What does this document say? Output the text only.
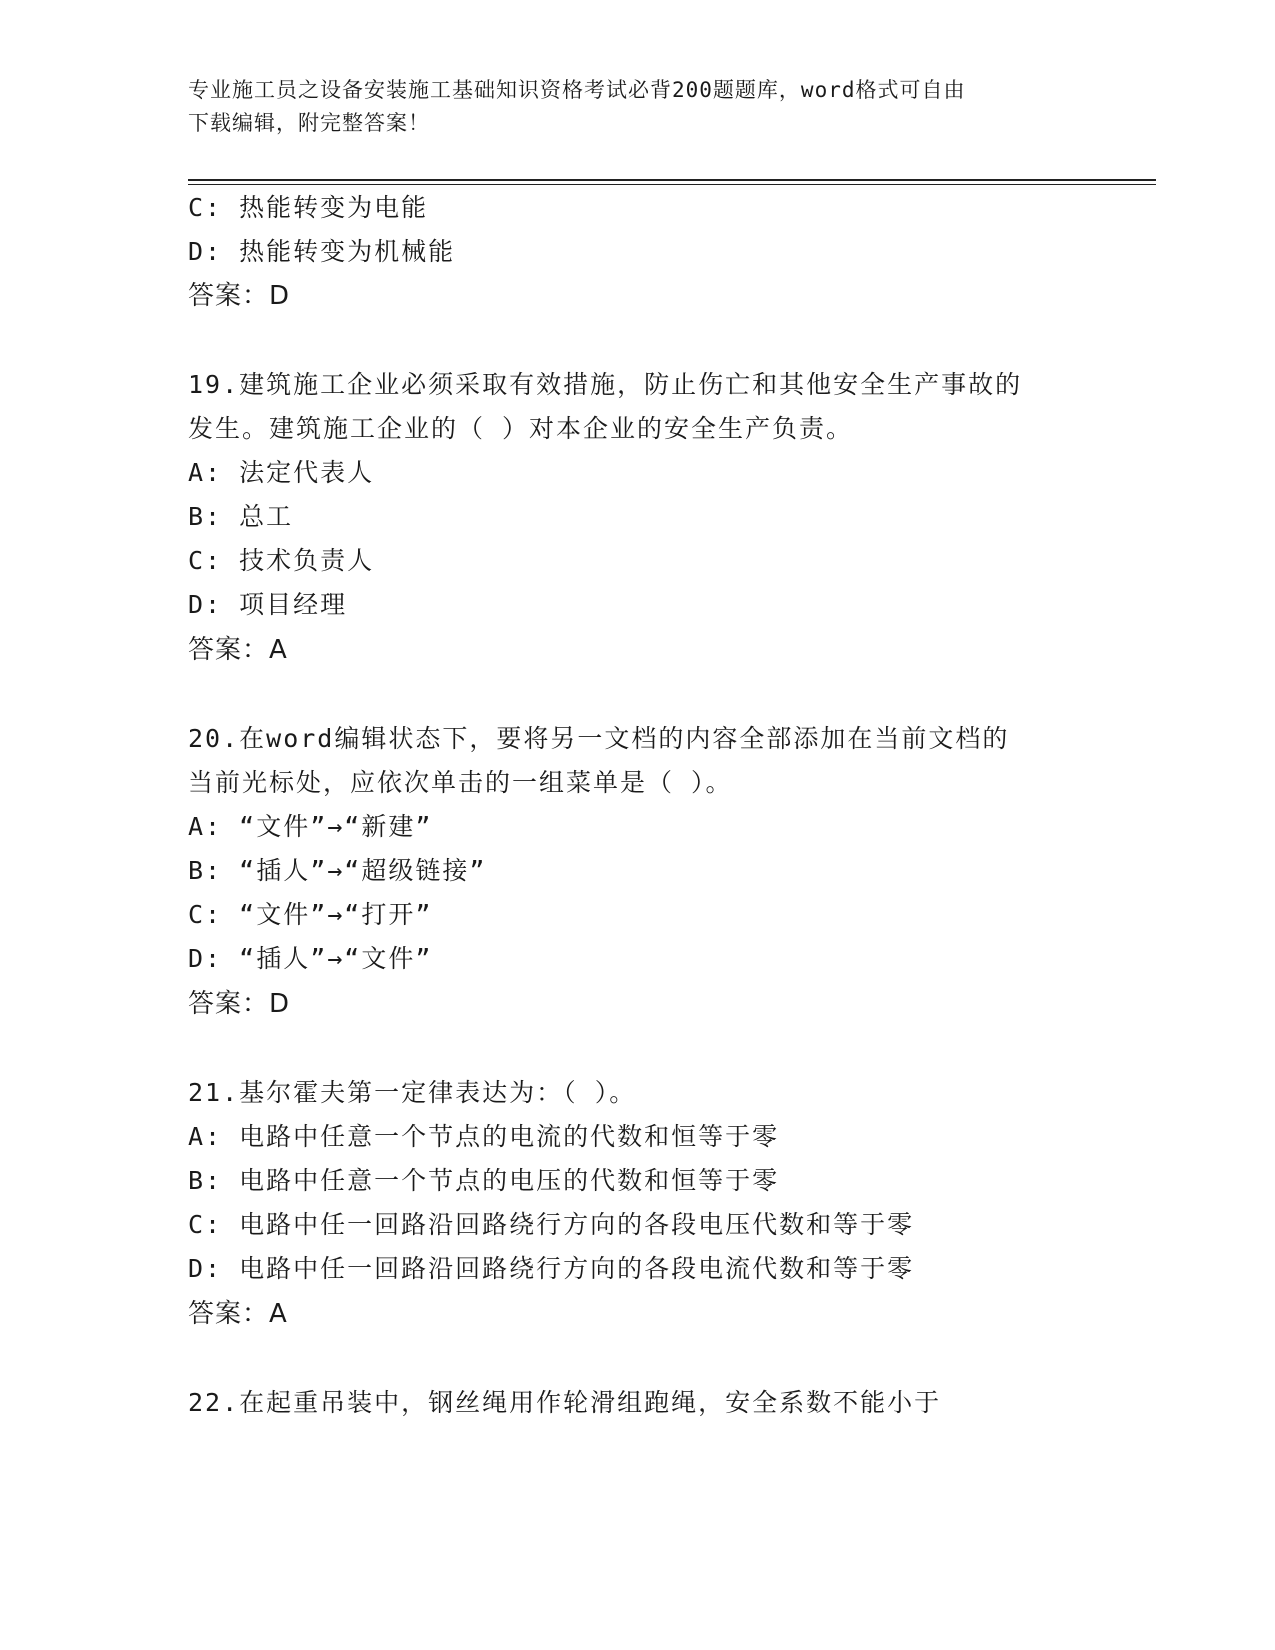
专业施工员之设备安装施工基础知识资格考试必背200题题库，word格式可自由
下载编辑，附完整答案！
C: 热能转变为电能
D: 热能转变为机械能
答案：D
19.建筑施工企业必须采取有效措施，防止伤亡和其他安全生产事故的
发生。建筑施工企业的（ ）对本企业的安全生产负责。
A: 法定代表人
B: 总工
C: 技术负责人
D: 项目经理
答案：A
20.在word编辑状态下，要将另一文档的内容全部添加在当前文档的
当前光标处，应依次单击的一组菜单是（ ）。
A: “文件”→“新建”
B: “插人”→“超级链接”
C: “文件”→“打开”
D: “插人”→“文件”
答案：D
21.基尔霍夫第一定律表达为：（ ）。
A: 电路中任意一个节点的电流的代数和恒等于零
B: 电路中任意一个节点的电压的代数和恒等于零
C: 电路中任一回路沿回路绕行方向的各段电压代数和等于零
D: 电路中任一回路沿回路绕行方向的各段电流代数和等于零
答案：A
22.在起重吊装中，钢丝绳用作轮滑组跑绳，安全系数不能小于
